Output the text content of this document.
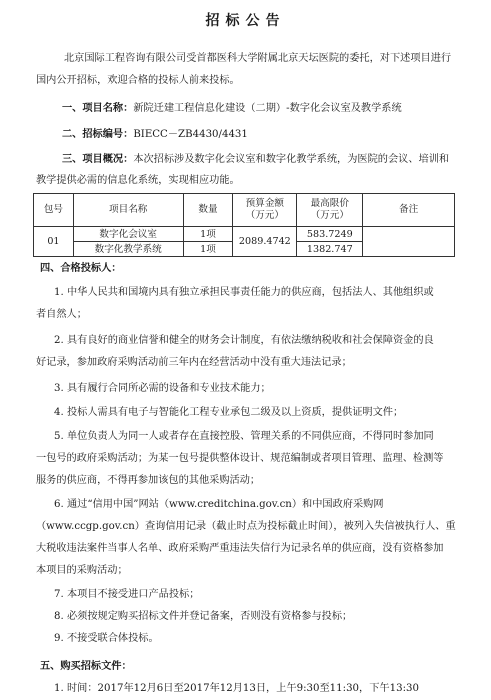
招标公告
北京国际工程咨询有限公司受首都医科大学附属北京天坛医院的委托，对下述项目进行
国内公开招标，欢迎合格的投标人前来投标。
一、项目名称：新院迁建工程信息化建设（二期）-数字化会议室及教学系统
二、招标编号：BIECC－ZB4430/4431
三、项目概况：本次招标涉及数字化会议室和数字化教学系统，为医院的会议、培训和
教学提供必需的信息化系统，实现相应功能。
包号	项目名称	数量	预算金额
（万元）	最高限价
（万元）	备注
01	数字化会议室	1项	2089.4742	583.7249	
	数字化教学系统	1项		1382.747	
四、合格投标人：
1. 中华人民共和国境内具有独立承担民事责任能力的供应商，包括法人、其他组织或
者自然人；
2. 具有良好的商业信誉和健全的财务会计制度，有依法缴纳税收和社会保障资金的良
好记录，参加政府采购活动前三年内在经营活动中没有重大违法记录；
3. 具有履行合同所必需的设备和专业技术能力；
4. 投标人需具有电子与智能化工程专业承包二级及以上资质，提供证明文件；
5. 单位负责人为同一人或者存在直接控股、管理关系的不同供应商，不得同时参加同
一包号的政府采购活动；为某一包号提供整体设计、规范编制或者项目管理、监理、检测等
服务的供应商，不得再参加该包的其他采购活动；
6. 通过“信用中国”网站（www.creditchina.gov.cn）和中国政府采购网
（www.ccgp.gov.cn）查询信用记录（截止时点为投标截止时间），被列入失信被执行人、重
大税收违法案件当事人名单、政府采购严重违法失信行为记录名单的供应商，没有资格参加
本项目的采购活动；
7. 本项目不接受进口产品投标；
8. 必须按规定购买招标文件并登记备案，否则没有资格参与投标；
9. 不接受联合体投标。
五、购买招标文件：
1. 时间：2017年12月6日至2017年12月13日，上午9:30至11:30，下午13:30
